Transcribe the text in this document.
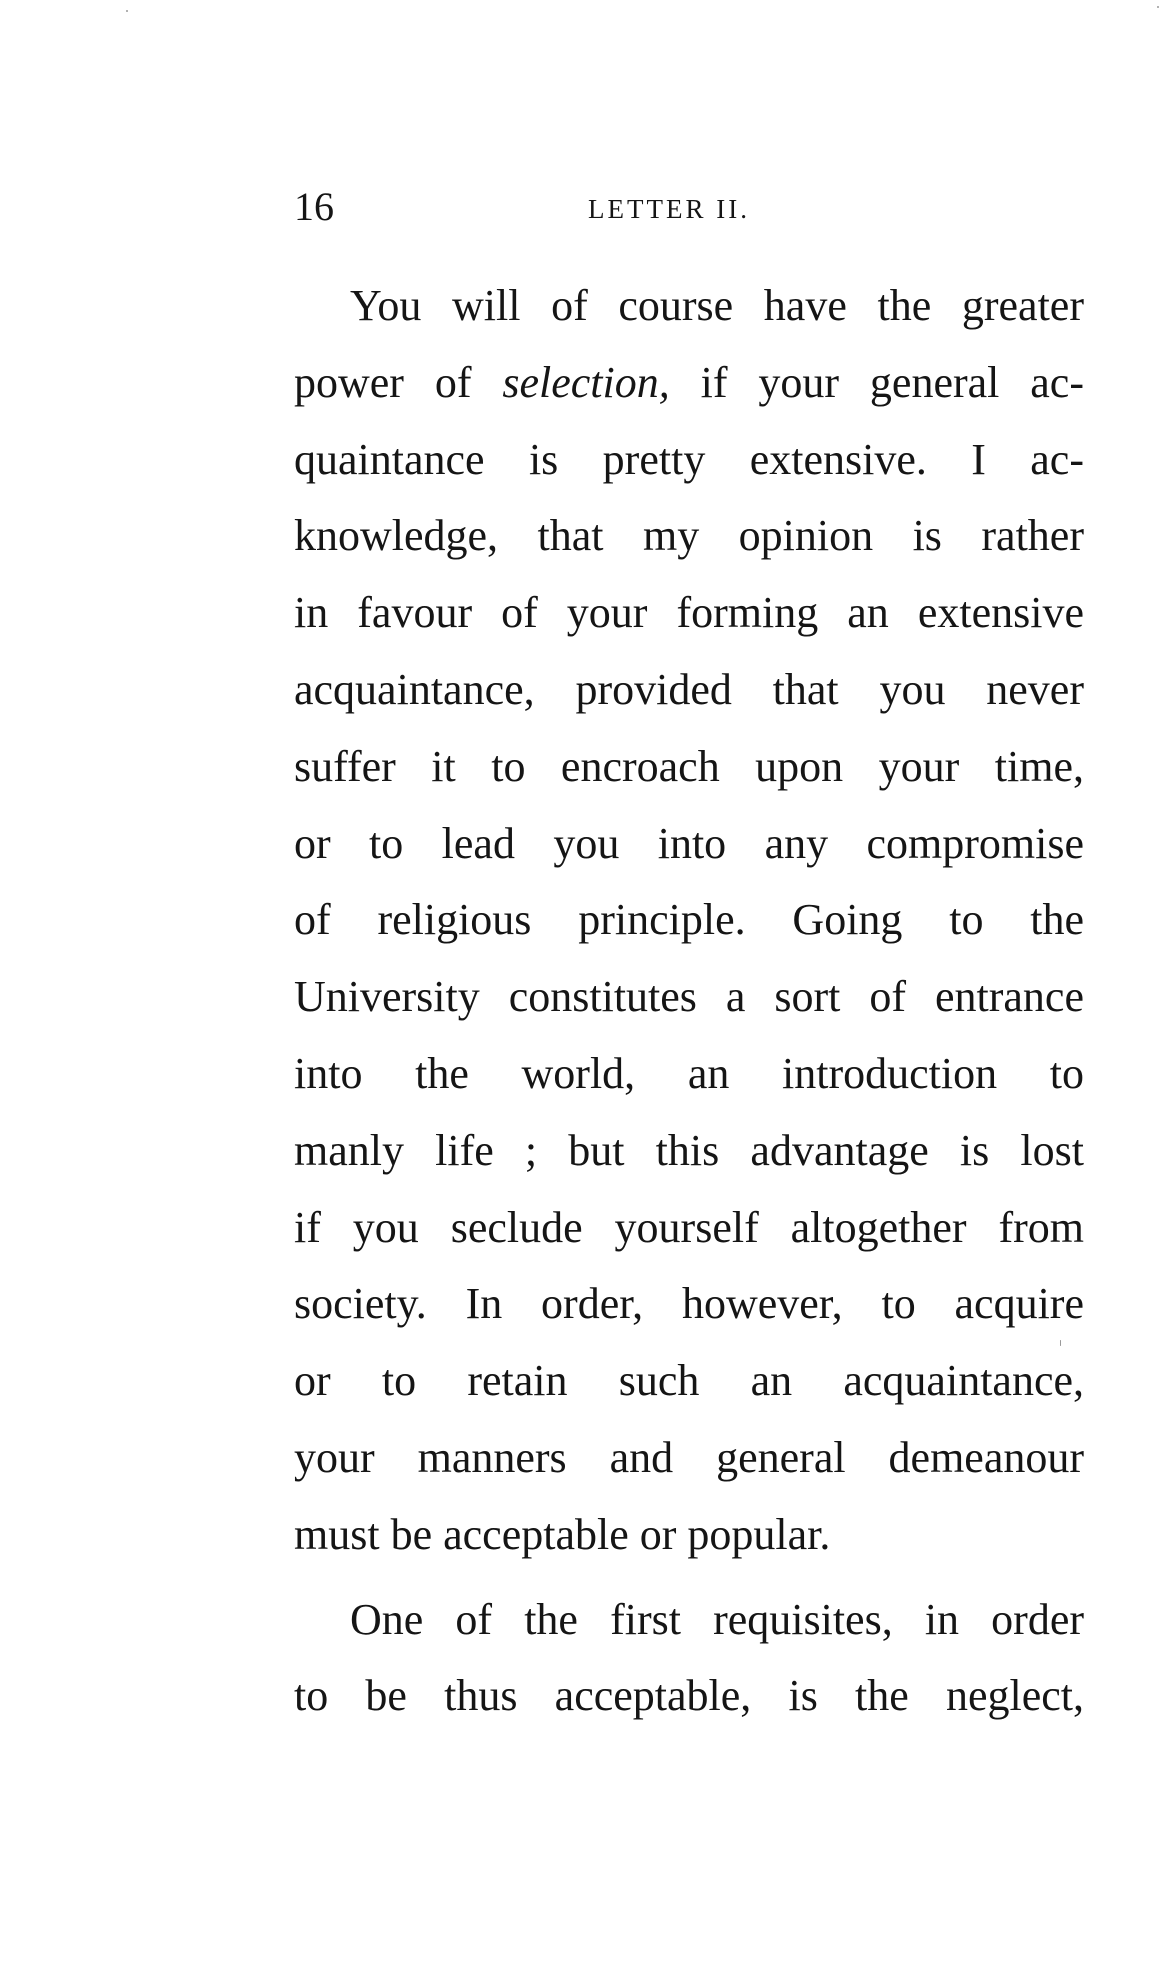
16	LETTER II.
You will of course have the greater
power of selection, if your general ac-
quaintance is pretty extensive. I ac-
knowledge, that my opinion is rather
in favour of your forming an extensive
acquaintance, provided that you never
suffer it to encroach upon your time,
or to lead you into any compromise
of religious principle. Going to the
University constitutes a sort of entrance
into the world, an introduction to
manly life ; but this advantage is lost
if you seclude yourself altogether from
society. In order, however, to acquire
or to retain such an acquaintance,
your manners and general demeanour
must be acceptable or popular.
One of the first requisites, in order
to be thus acceptable, is the neglect,
